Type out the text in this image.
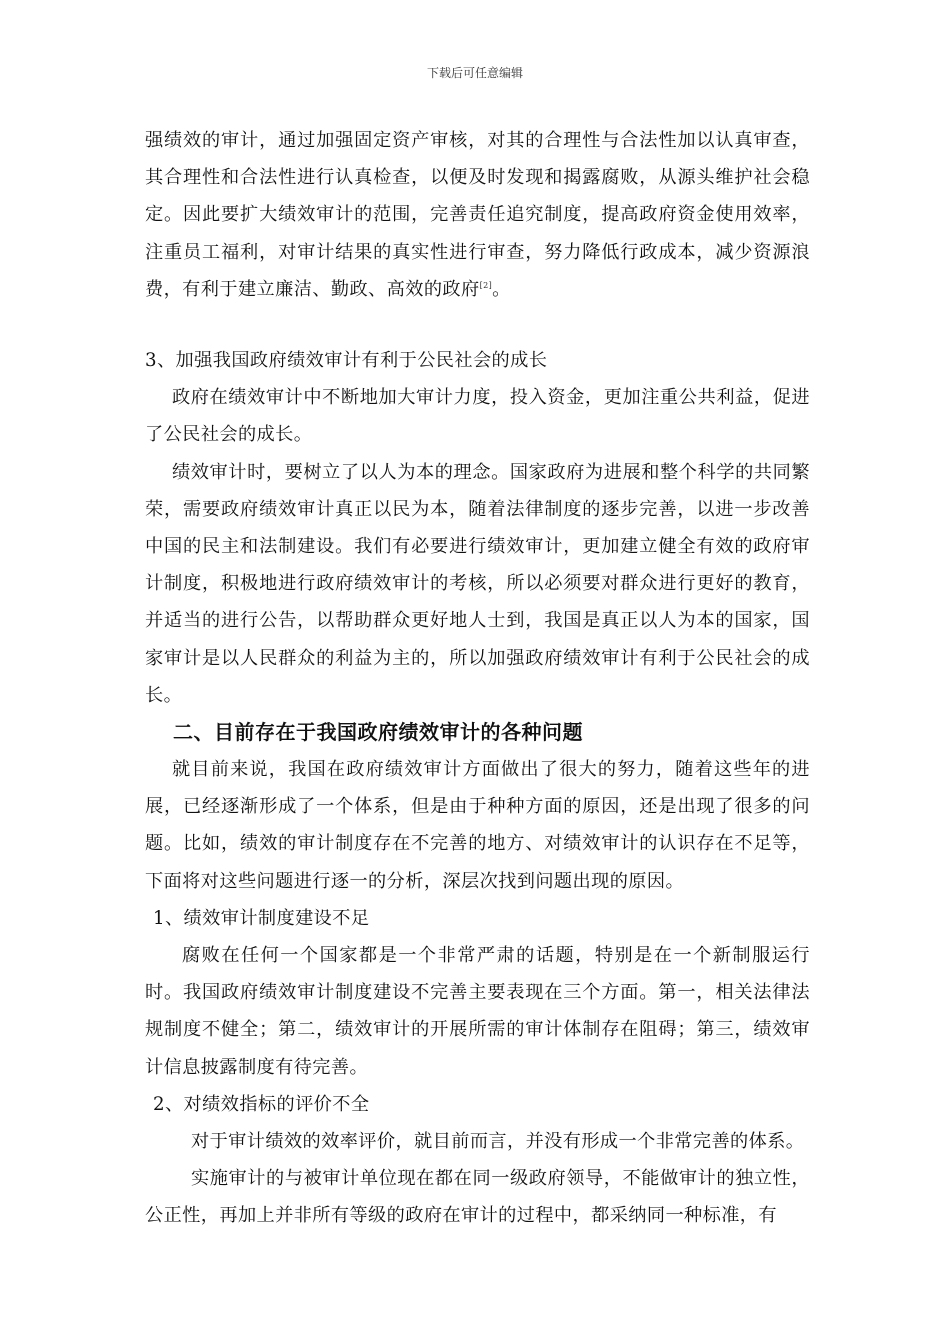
下载后可任意编辑

强绩效的审计，通过加强固定资产审核，对其的合理性与合法性加以认真审查，其合理性和合法性进行认真检查，以便及时发现和揭露腐败，从源头维护社会稳定。因此要扩大绩效审计的范围，完善责任追究制度，提高政府资金使用效率，注重员工福利，对审计结果的真实性进行审查，努力降低行政成本，减少资源浪费，有利于建立廉洁、勤政、高效的政府[2]。

3、加强我国政府绩效审计有利于公民社会的成长

政府在绩效审计中不断地加大审计力度，投入资金，更加注重公共利益，促进了公民社会的成长。

绩效审计时，要树立了以人为本的理念。国家政府为进展和整个科学的共同繁荣，需要政府绩效审计真正以民为本，随着法律制度的逐步完善，以进一步改善中国的民主和法制建设。我们有必要进行绩效审计，更加建立健全有效的政府审计制度，积极地进行政府绩效审计的考核，所以必须要对群众进行更好的教育，并适当的进行公告，以帮助群众更好地人士到，我国是真正以人为本的国家，国家审计是以人民群众的利益为主的，所以加强政府绩效审计有利于公民社会的成长。

二、目前存在于我国政府绩效审计的各种问题

就目前来说，我国在政府绩效审计方面做出了很大的努力，随着这些年的进展，已经逐渐形成了一个体系，但是由于种种方面的原因，还是出现了很多的问题。比如，绩效的审计制度存在不完善的地方、对绩效审计的认识存在不足等，下面将对这些问题进行逐一的分析，深层次找到问题出现的原因。

1、绩效审计制度建设不足

腐败在任何一个国家都是一个非常严肃的话题，特别是在一个新制服运行时。我国政府绩效审计制度建设不完善主要表现在三个方面。第一，相关法律法规制度不健全；第二，绩效审计的开展所需的审计体制存在阻碍；第三，绩效审计信息披露制度有待完善。

2、对绩效指标的评价不全

对于审计绩效的效率评价，就目前而言，并没有形成一个非常完善的体系。

实施审计的与被审计单位现在都在同一级政府领导，不能做审计的独立性，公正性，再加上并非所有等级的政府在审计的过程中，都采纳同一种标准，有
